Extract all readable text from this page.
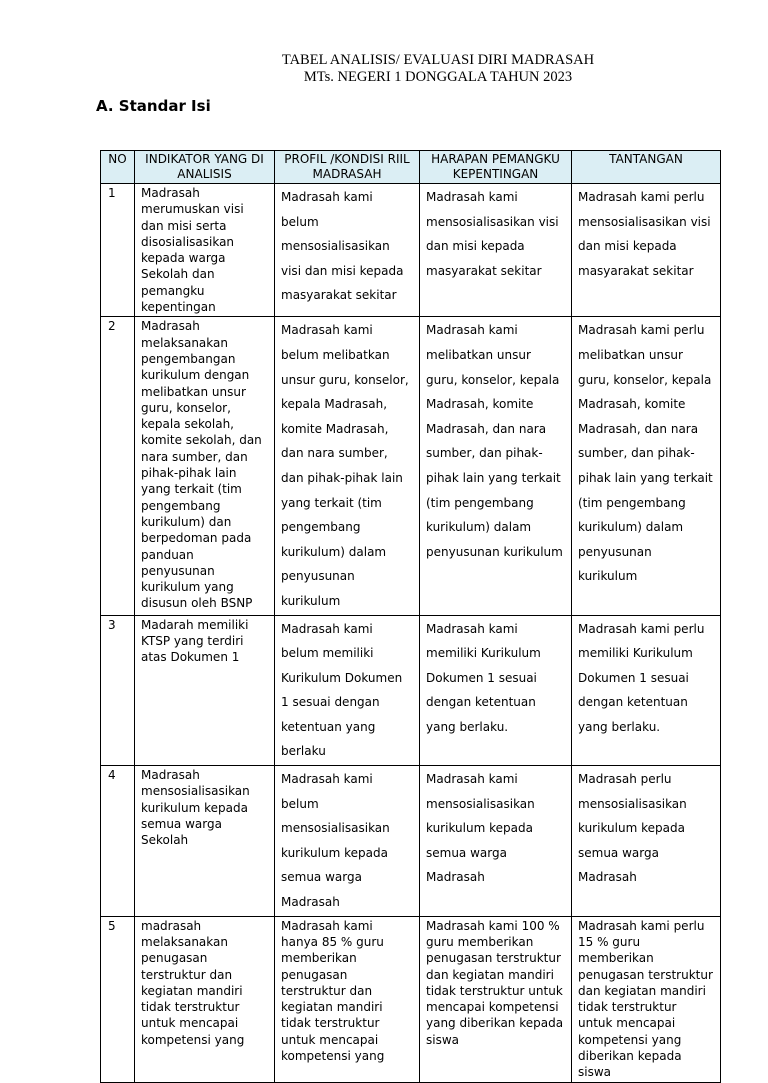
TABEL ANALISIS/ EVALUASI DIRI MADRASAH
MTs. NEGERI 1 DONGGALA TAHUN 2023
A. Standar Isi
NO	INDIKATOR YANG DI ANALISIS	PROFIL /KONDISI RIIL MADRASAH	HARAPAN PEMANGKU KEPENTINGAN	TANTANGAN
1	Madrasah merumuskan visi dan misi serta disosialisasikan kepada warga Sekolah dan pemangku kepentingan	Madrasah kami belum mensosialisasikan visi dan misi kepada masyarakat sekitar	Madrasah kami mensosialisasikan visi dan misi kepada masyarakat sekitar	Madrasah kami perlu mensosialisasikan visi dan misi kepada masyarakat sekitar
2	Madrasah melaksanakan pengembangan kurikulum dengan melibatkan unsur guru, konselor, kepala sekolah, komite sekolah, dan nara sumber, dan pihak-pihak lain yang terkait (tim pengembang kurikulum) dan berpedoman pada panduan penyusunan kurikulum yang disusun oleh BSNP	Madrasah kami belum melibatkan unsur guru, konselor, kepala Madrasah, komite Madrasah, dan nara sumber, dan pihak-pihak lain yang terkait (tim pengembang kurikulum) dalam penyusunan kurikulum	Madrasah kami melibatkan unsur guru, konselor, kepala Madrasah, komite Madrasah, dan nara sumber, dan pihak-pihak lain yang terkait (tim pengembang kurikulum) dalam penyusunan kurikulum	Madrasah kami perlu melibatkan unsur guru, konselor, kepala Madrasah, komite Madrasah, dan nara sumber, dan pihak-pihak lain yang terkait (tim pengembang kurikulum) dalam penyusunan kurikulum
3	Madarah memiliki KTSP yang terdiri atas Dokumen 1	Madrasah kami belum memiliki Kurikulum Dokumen 1 sesuai dengan ketentuan yang berlaku	Madrasah kami memiliki Kurikulum Dokumen 1 sesuai dengan ketentuan yang berlaku.	Madrasah kami perlu memiliki Kurikulum Dokumen 1 sesuai dengan ketentuan yang berlaku.
4	Madrasah mensosialisasikan kurikulum kepada semua warga Sekolah	Madrasah kami belum mensosialisasikan kurikulum kepada semua warga Madrasah	Madrasah kami mensosialisasikan kurikulum kepada semua warga Madrasah	Madrasah perlu mensosialisasikan kurikulum kepada semua warga Madrasah
5	madrasah melaksanakan penugasan terstruktur dan kegiatan mandiri tidak terstruktur untuk mencapai kompetensi yang	Madrasah kami hanya 85 % guru memberikan penugasan terstruktur dan kegiatan mandiri tidak terstruktur untuk mencapai kompetensi yang	Madrasah kami 100 % guru memberikan penugasan terstruktur dan kegiatan mandiri tidak terstruktur untuk mencapai kompetensi yang diberikan kepada siswa	Madrasah kami perlu 15 % guru memberikan penugasan terstruktur dan kegiatan mandiri tidak terstruktur untuk mencapai kompetensi yang diberikan kepada siswa
